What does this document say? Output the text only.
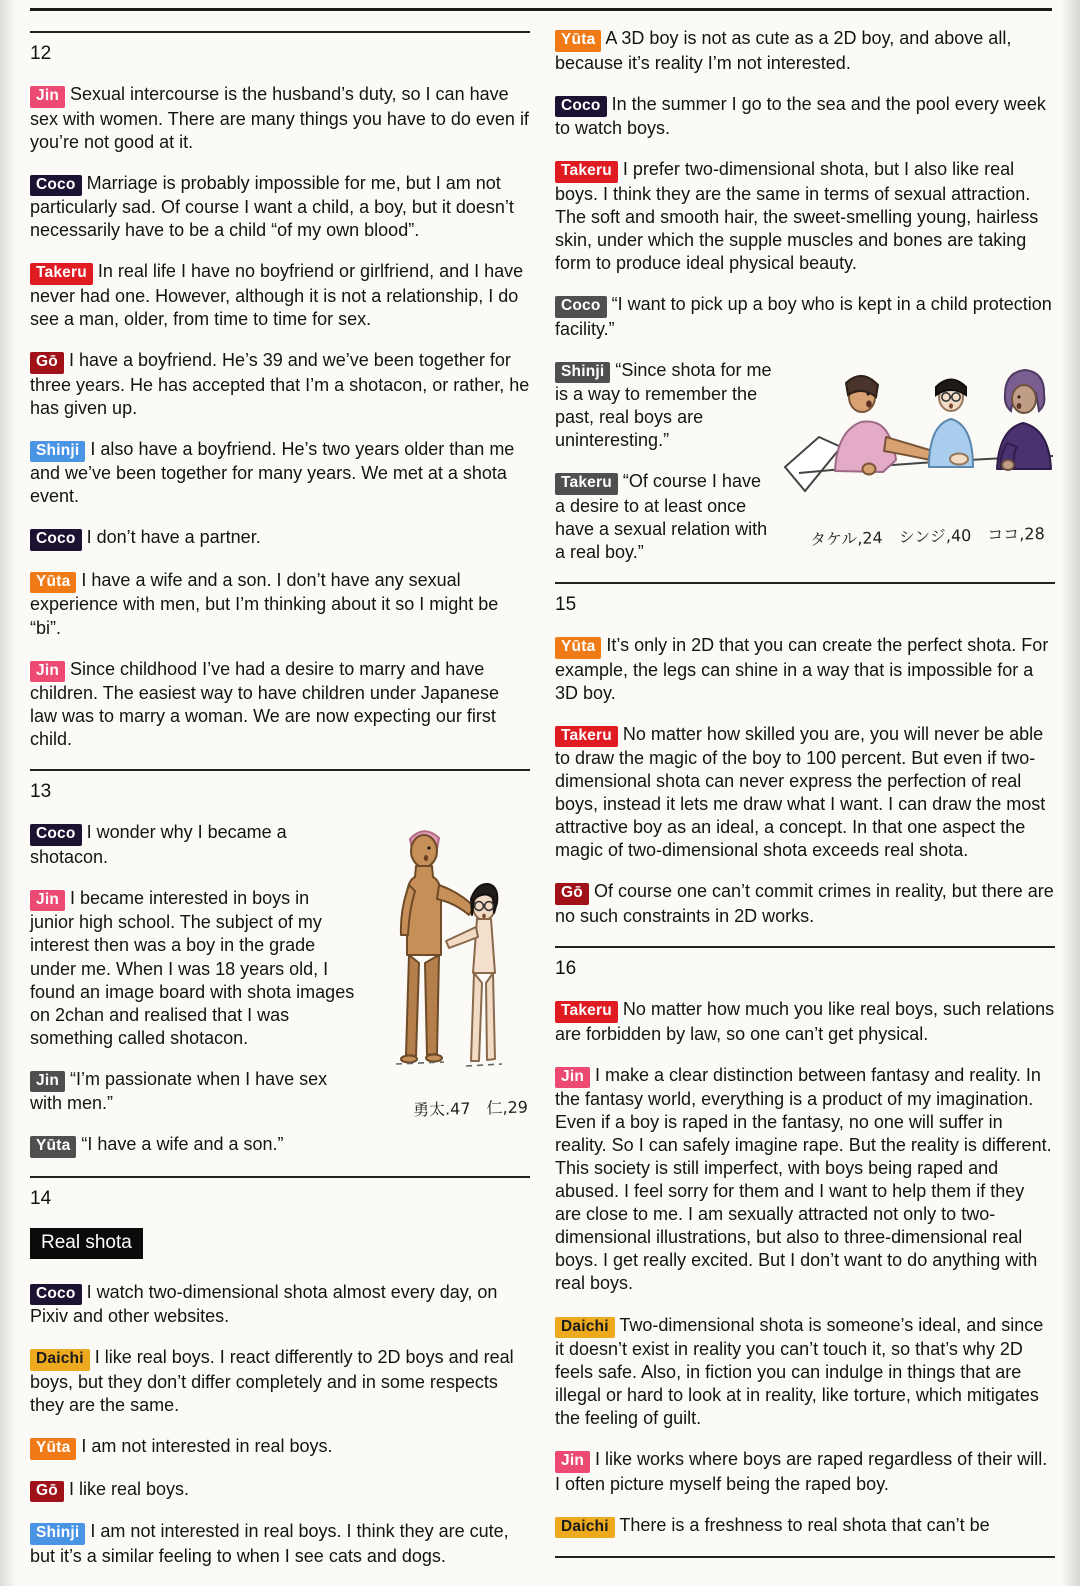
12

Jin Sexual intercourse is the husband’s duty, so I can have sex with women. There are many things you have to do even if you’re not good at it.

Coco Marriage is probably impossible for me, but I am not particularly sad. Of course I want a child, a boy, but it doesn’t necessarily have to be a child “of my own blood”.

Takeru In real life I have no boyfriend or girlfriend, and I have never had one. However, although it is not a relationship, I do see a man, older, from time to time for sex.

Gō I have a boyfriend. He’s 39 and we’ve been together for three years. He has accepted that I’m a shotacon, or rather, he has given up.

Shinji I also have a boyfriend. He’s two years older than me and we’ve been together for many years. We met at a shota event.

Coco I don’t have a partner.

Yūta I have a wife and a son. I don’t have any sexual experience with men, but I’m thinking about it so I might be “bi”.

Jin Since childhood I’ve had a desire to marry and have children. The easiest way to have children under Japanese law was to marry a woman. We are now expecting our first child.

13
勇太.47　仁,29

Coco I wonder why I became a shotacon.

Jin I became interested in boys in junior high school. The subject of my interest then was a boy in the grade under me. When I was 18 years old, I found an image board with shota images on 2chan and realised that I was something called shotacon.

Jin “I’m passionate when I have sex with men.”

Yūta “I have a wife and a son.”

14
Real shota

Coco I watch two-dimensional shota almost every day, on Pixiv and other websites.

Daichi I like real boys. I react differently to 2D boys and real boys, but they don’t differ completely and in some respects they are the same.

Yūta I am not interested in real boys.

Gō I like real boys.

Shinji I am not interested in real boys. I think they are cute, but it’s a similar feeling to when I see cats and dogs.

Yūta A 3D boy is not as cute as a 2D boy, and above all, because it’s reality I’m not interested.

Coco In the summer I go to the sea and the pool every week to watch boys.

Takeru I prefer two-dimensional shota, but I also like real boys. I think they are the same in terms of sexual attraction. The soft and smooth hair, the sweet-smelling young, hairless skin, under which the supple muscles and bones are taking form to produce ideal physical beauty.

Coco “I want to pick up a boy who is kept in a child protection facility.”

タケル,24　シンジ,40　ココ,28

Shinji “Since shota for me is a way to remember the past, real boys are uninteresting.”

Takeru “Of course I have a desire to at least once have a sexual relation with a real boy.”

15

Yūta It’s only in 2D that you can create the perfect shota. For example, the legs can shine in a way that is impossible for a 3D boy.

Takeru No matter how skilled you are, you will never be able to draw the magic of the boy to 100 percent. But even if two-dimensional shota can never express the perfection of real boys, instead it lets me draw what I want. I can draw the most attractive boy as an ideal, a concept. In that one aspect the magic of two-dimensional shota exceeds real shota.

Gō Of course one can’t commit crimes in reality, but there are no such constraints in 2D works.

16

Takeru No matter how much you like real boys, such relations are forbidden by law, so one can’t get physical.

Jin I make a clear distinction between fantasy and reality. In the fantasy world, everything is a product of my imagination. Even if a boy is raped in the fantasy, no one will suffer in reality. So I can safely imagine rape. But the reality is different. This society is still imperfect, with boys being raped and abused. I feel sorry for them and I want to help them if they are close to me. I am sexually attracted not only to two-dimensional illustrations, but also to three-dimensional real boys. I get really excited. But I don’t want to do anything with real boys.

Daichi Two-dimensional shota is someone’s ideal, and since it doesn’t exist in reality you can’t touch it, so that’s why 2D feels safe. Also, in fiction you can indulge in things that are illegal or hard to look at in reality, like torture, which mitigates the feeling of guilt.

Jin I like works where boys are raped regardless of their will. I often picture myself being the raped boy.

Daichi There is a freshness to real shota that can’t be
